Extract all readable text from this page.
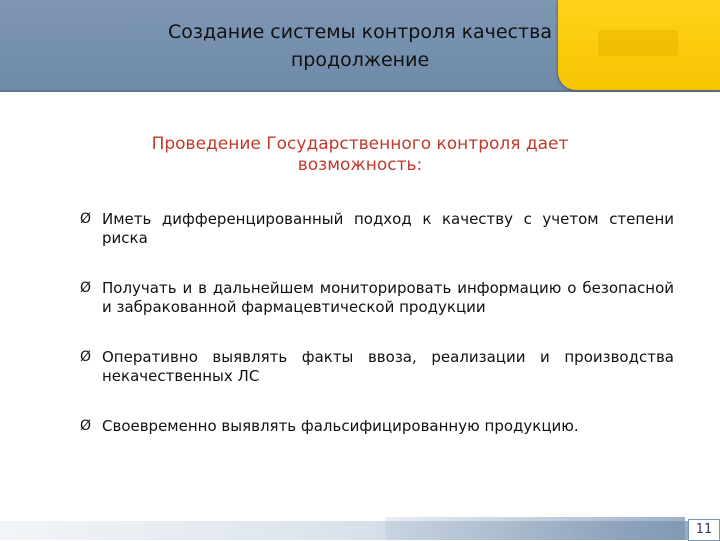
Создание системы контроля качества
продолжение
Проведение Государственного контроля дает
возможность:
Ø Иметь дифференцированный подход к качеству с учетом степени риска
Ø Получать и в дальнейшем мониторировать информацию о безопасной и забракованной фармацевтической продукции
Ø Оперативно выявлять факты ввоза, реализации и производства некачественных ЛС
Ø Своевременно выявлять фальсифицированную продукцию.
11
